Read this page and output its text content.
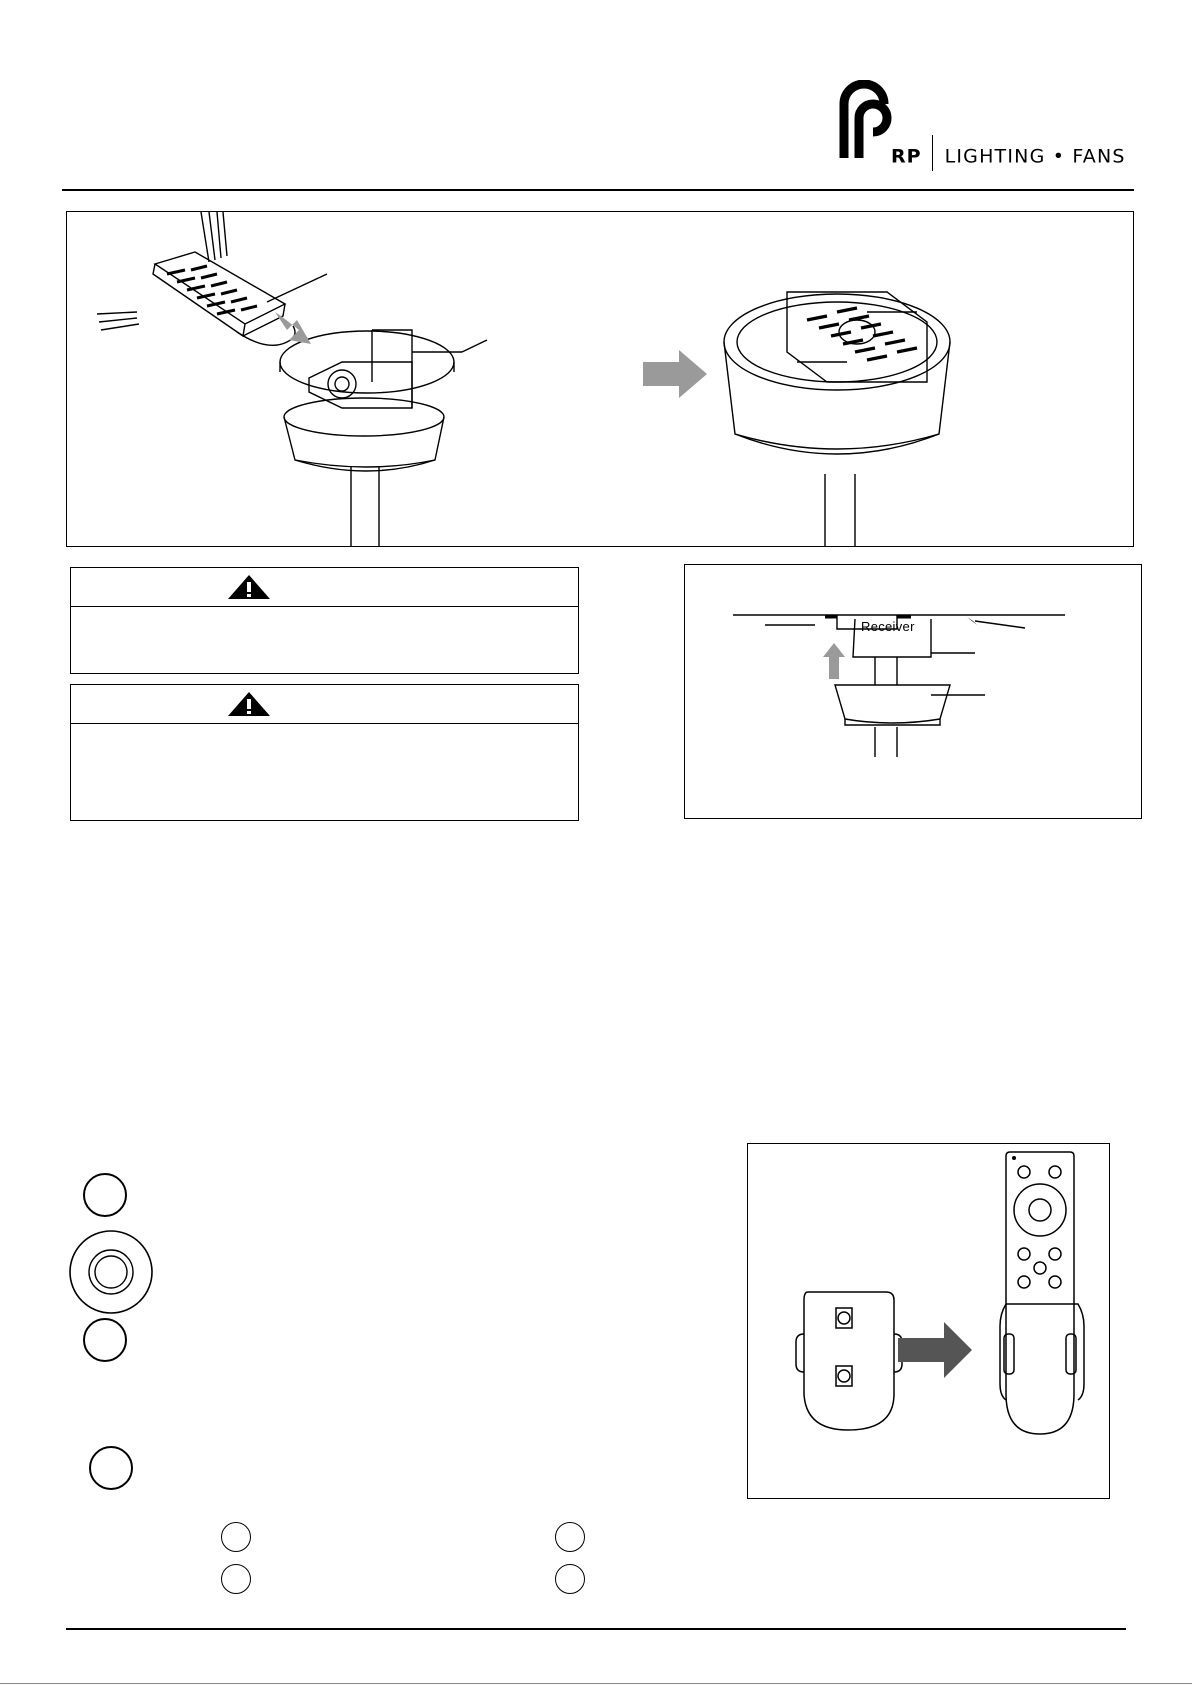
RP LIGHTING • FANS
Receiver
